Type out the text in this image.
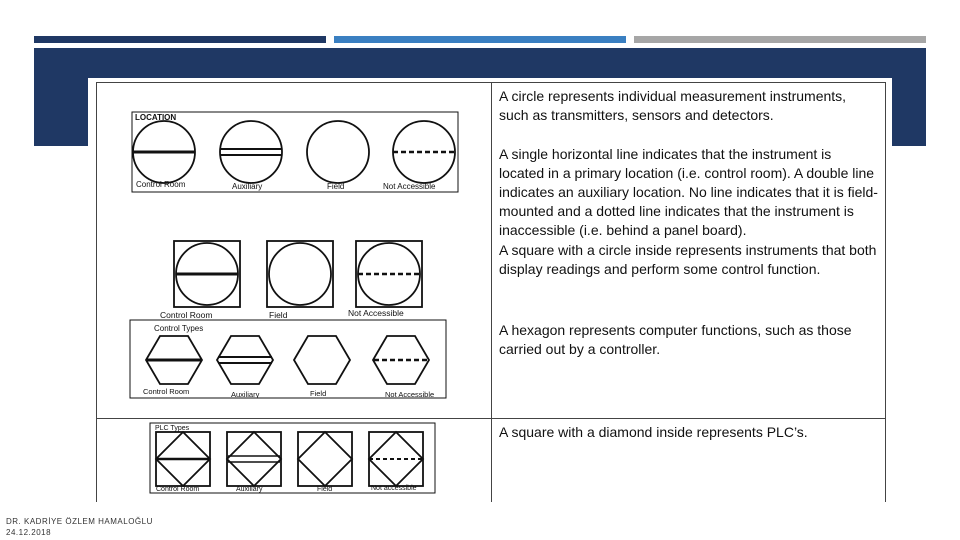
LOCATION
Control Room	Auxiliary	Field	Not Accessible
Control Room	Field	Not Accessible
Control Types
Control Room	Auxiliary	Field	Not Accessible
PLC Types
Control Room	Auxiliary	Field	Not accessible

A circle represents individual measurement instruments, such as transmitters, sensors and detectors.

A single horizontal line indicates that the instrument is located in a primary location (i.e. control room). A double line indicates an auxiliary location. No line indicates that it is field-mounted and a dotted line indicates that the instrument is inaccessible (i.e. behind a panel board).

A square with a circle inside represents instruments that both display readings and perform some control function.

A hexagon represents computer functions, such as those carried out by a controller.

A square with a diamond inside represents PLC’s.

DR. KADRİYE ÖZLEM HAMALOĞLU

24.12.2018
